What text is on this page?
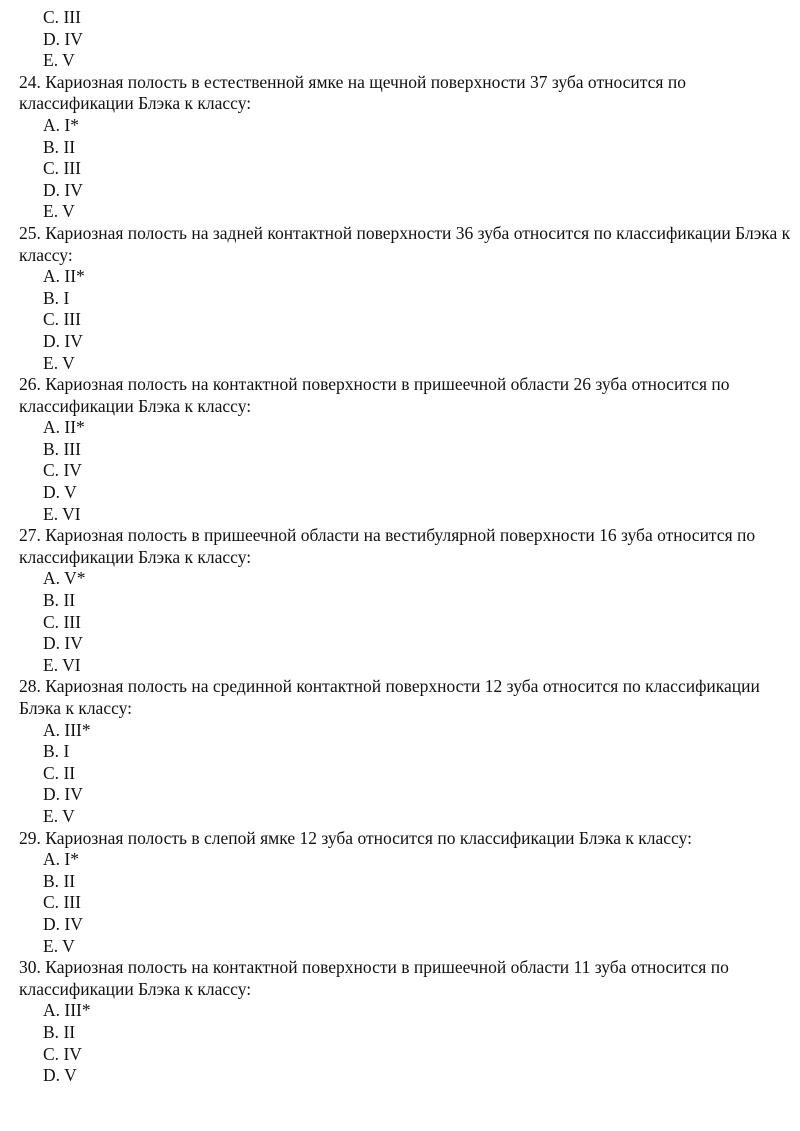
C. III
D. IV
E. V
24. Кариозная полость в естественной ямке на щечной поверхности 37 зуба относится по классификации Блэка к классу:
A. I*
B. II
C. III
D. IV
E. V
25. Кариозная полость на задней контактной поверхности 36 зуба относится по классификации Блэка к классу:
A. II*
B. I
C. III
D. IV
E. V
26. Кариозная полость на контактной поверхности в пришеечной области 26 зуба относится по классификации Блэка к классу:
A. II*
B. III
C. IV
D. V
E. VI
27. Кариозная полость в пришеечной области на вестибулярной поверхности 16 зуба относится по классификации Блэка к классу:
A. V*
B. II
C. III
D. IV
E. VI
28. Кариозная полость на срединной контактной поверхности 12 зуба относится по классификации Блэка к классу:
A. III*
B. I
C. II
D. IV
E. V
29. Кариозная полость в слепой ямке 12 зуба относится по классификации Блэка к классу:
A. I*
B. II
C. III
D. IV
E. V
30. Кариозная полость на контактной поверхности в пришеечной области 11 зуба относится по классификации Блэка к классу:
A. III*
B. II
C. IV
D. V
